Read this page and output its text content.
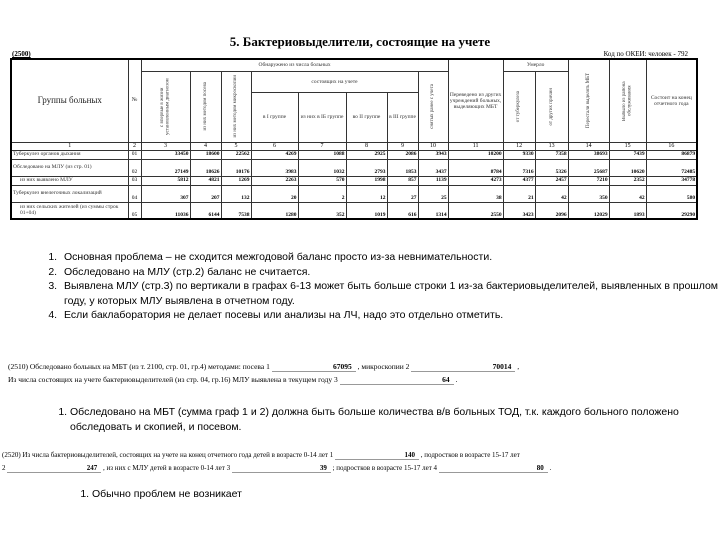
(2500)
5. Бактериовыделители, состоящие на учете
Код по ОКЕИ: человек - 792
Группы больных	№	Обнаружено из числа больных								Переведено из других учреждений больных, выделяющих МБТ	Умерло		Перестали выделять МБТ	Выбыло из района обслуживания	Состоит на конец отчетного года

		с впервые в жизни установленным диагнозом	из них методом посева	из них методом микроскопии	состоящих на учете				снятых ранее с учета		от туберкулеза	от других причин			

					в I группе	из них в IБ группе	во II группе	в III группе							
1	2	3	4	5	6	7	8	9	10	11	12	13	14	15	16
Туберкулез органов дыхания	01	33450	18600	22562	4269	1088	2925	2086	3943	10200	9330	7358	38693	7439	86879
Обследовано на МЛУ (из стр. 01)	02	27149	18626	10176	3983	1032	2793	1853	3437	8784	7316	5326	25687	10620	72485
из них выявлено МЛУ	03	5812	4821	1269	2263	570	1998	857	1139	4273	4377	2457	7210	2352	34778
Туберкулез внелегочных локализаций	04	307	207	132	20	2	12	27	25	38	21	42	350	42	580
из них сельских жителей (из суммы строк 01+04)	05	11036	6144	7538	1280	352	1019	616	1314	2550	3423	2096	12029	1893	29290
1. Основная проблема – не сходится межгодовой баланс просто из-за невнимательности.
2. Обследовано на МЛУ (стр.2) баланс не считается.
3. Выявлена МЛУ (стр.3) по вертикали в графах 6-13 может быть больше строки 1 из-за бактериовыделителей, выявленных в прошлом году, у которых МЛУ выявлена в отчетном году.
4. Если баклаборатория не делает посевы или анализы на ЛЧ, надо это отдельно отметить.
(2510) Обследовано больных на МБТ (из т. 2100, стр. 01, гр.4) методами: посева 1	67095 , микроскопии 2	70014 ,
Из числа состоящих на учете бактериовыделителей (из стр. 04, гр.16) МЛУ выявлена в текущем году 3	64 .
1. Обследовано на МБТ (сумма граф 1 и 2) должна быть больше количества в/в больных ТОД, т.к. каждого больного положено обследовать и скопией, и посевом.
(2520) Из числа бактериовыделителей, состоящих на учете на конец отчетного года детей в возрасте 0-14 лет 1	140 , подростков в возрасте 15-17 лет
2	247 , из них с МЛУ детей в возрасте 0-14 лет 3	39 ; подростков в возрасте 15-17 лет 4	80 .
1. Обычно проблем не возникает
